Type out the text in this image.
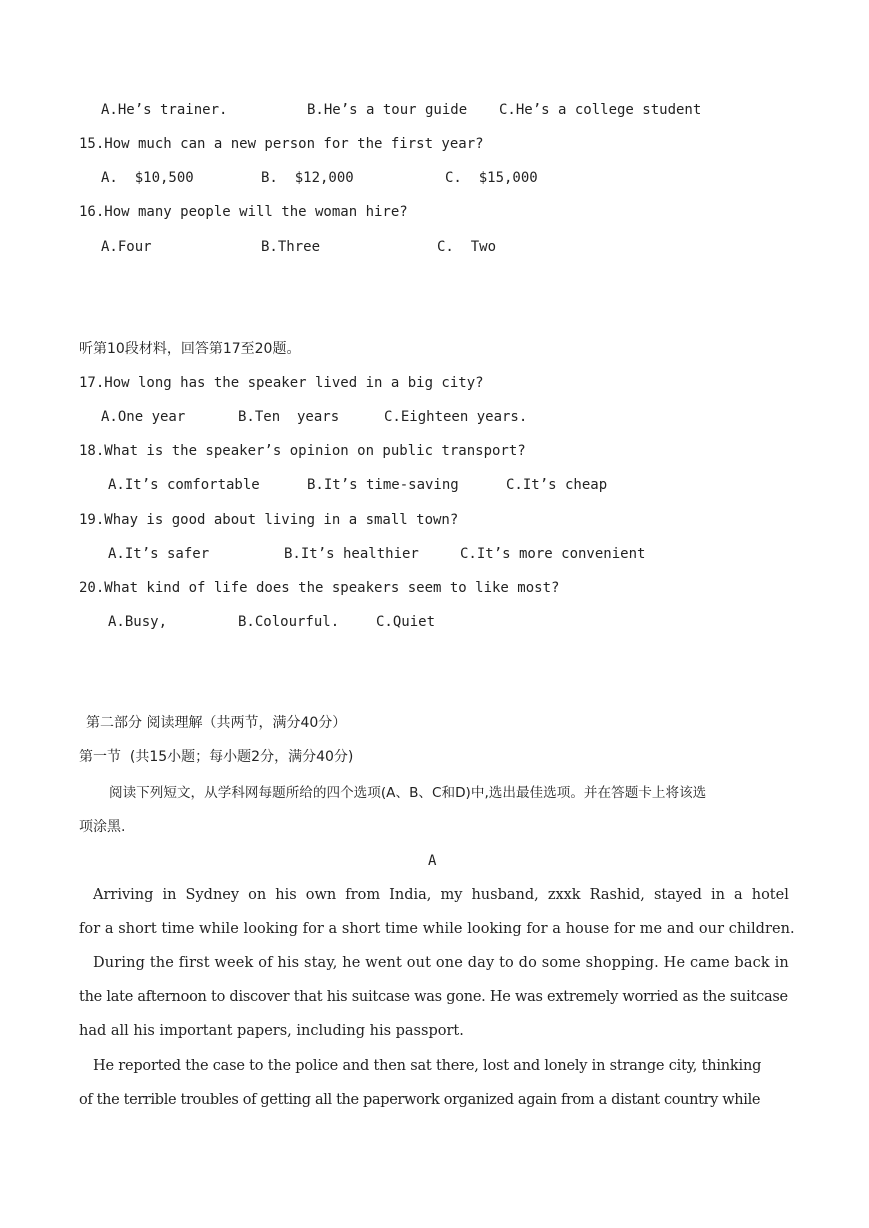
A.He’s trainer.	B.He’s a tour guide C.He’s a college student
15.How much can a new person for the first year?
A.  $10,500	B.  $12,000	C.  $15,000
16.How many people will the woman hire?
A.Four	B.Three	C.  Two
听第10段材料，回答第17至20题。
17.How long has the speaker lived in a big city?
A.One year	B.Ten  years	C.Eighteen years.
18.What is the speaker’s opinion on public transport?
A.It’s comfortable	B.It’s time-saving	C.It’s cheap
19.Whay is good about living in a small town?
A.It’s safer	B.It’s healthier	C.It’s more convenient
20.What kind of life does the speakers seem to like most?
A.Busy,	B.Colourful.	C.Quiet
第二部分 阅读理解（共两节，满分40分）
第一节  (共15小题；每小题2分，满分40分)
阅读下列短文，从学科网每题所给的四个选项(A、B、C和D)中,选出最佳选项。并在答题卡上将该选
项涂黑.
A
Arriving in Sydney on his own from India, my husband, zxxk Rashid, stayed in a hotel
for a short time while looking for a short time while looking for a house for me and our children.
During the first week of his stay, he went out one day to do some shopping. He came back in
the late afternoon to discover that his suitcase was gone. He was extremely worried as the suitcase
had all his important papers, including his passport.
He reported the case to the police and then sat there, lost and lonely in strange city, thinking
of the terrible troubles of getting all the paperwork organized again from a distant country while
